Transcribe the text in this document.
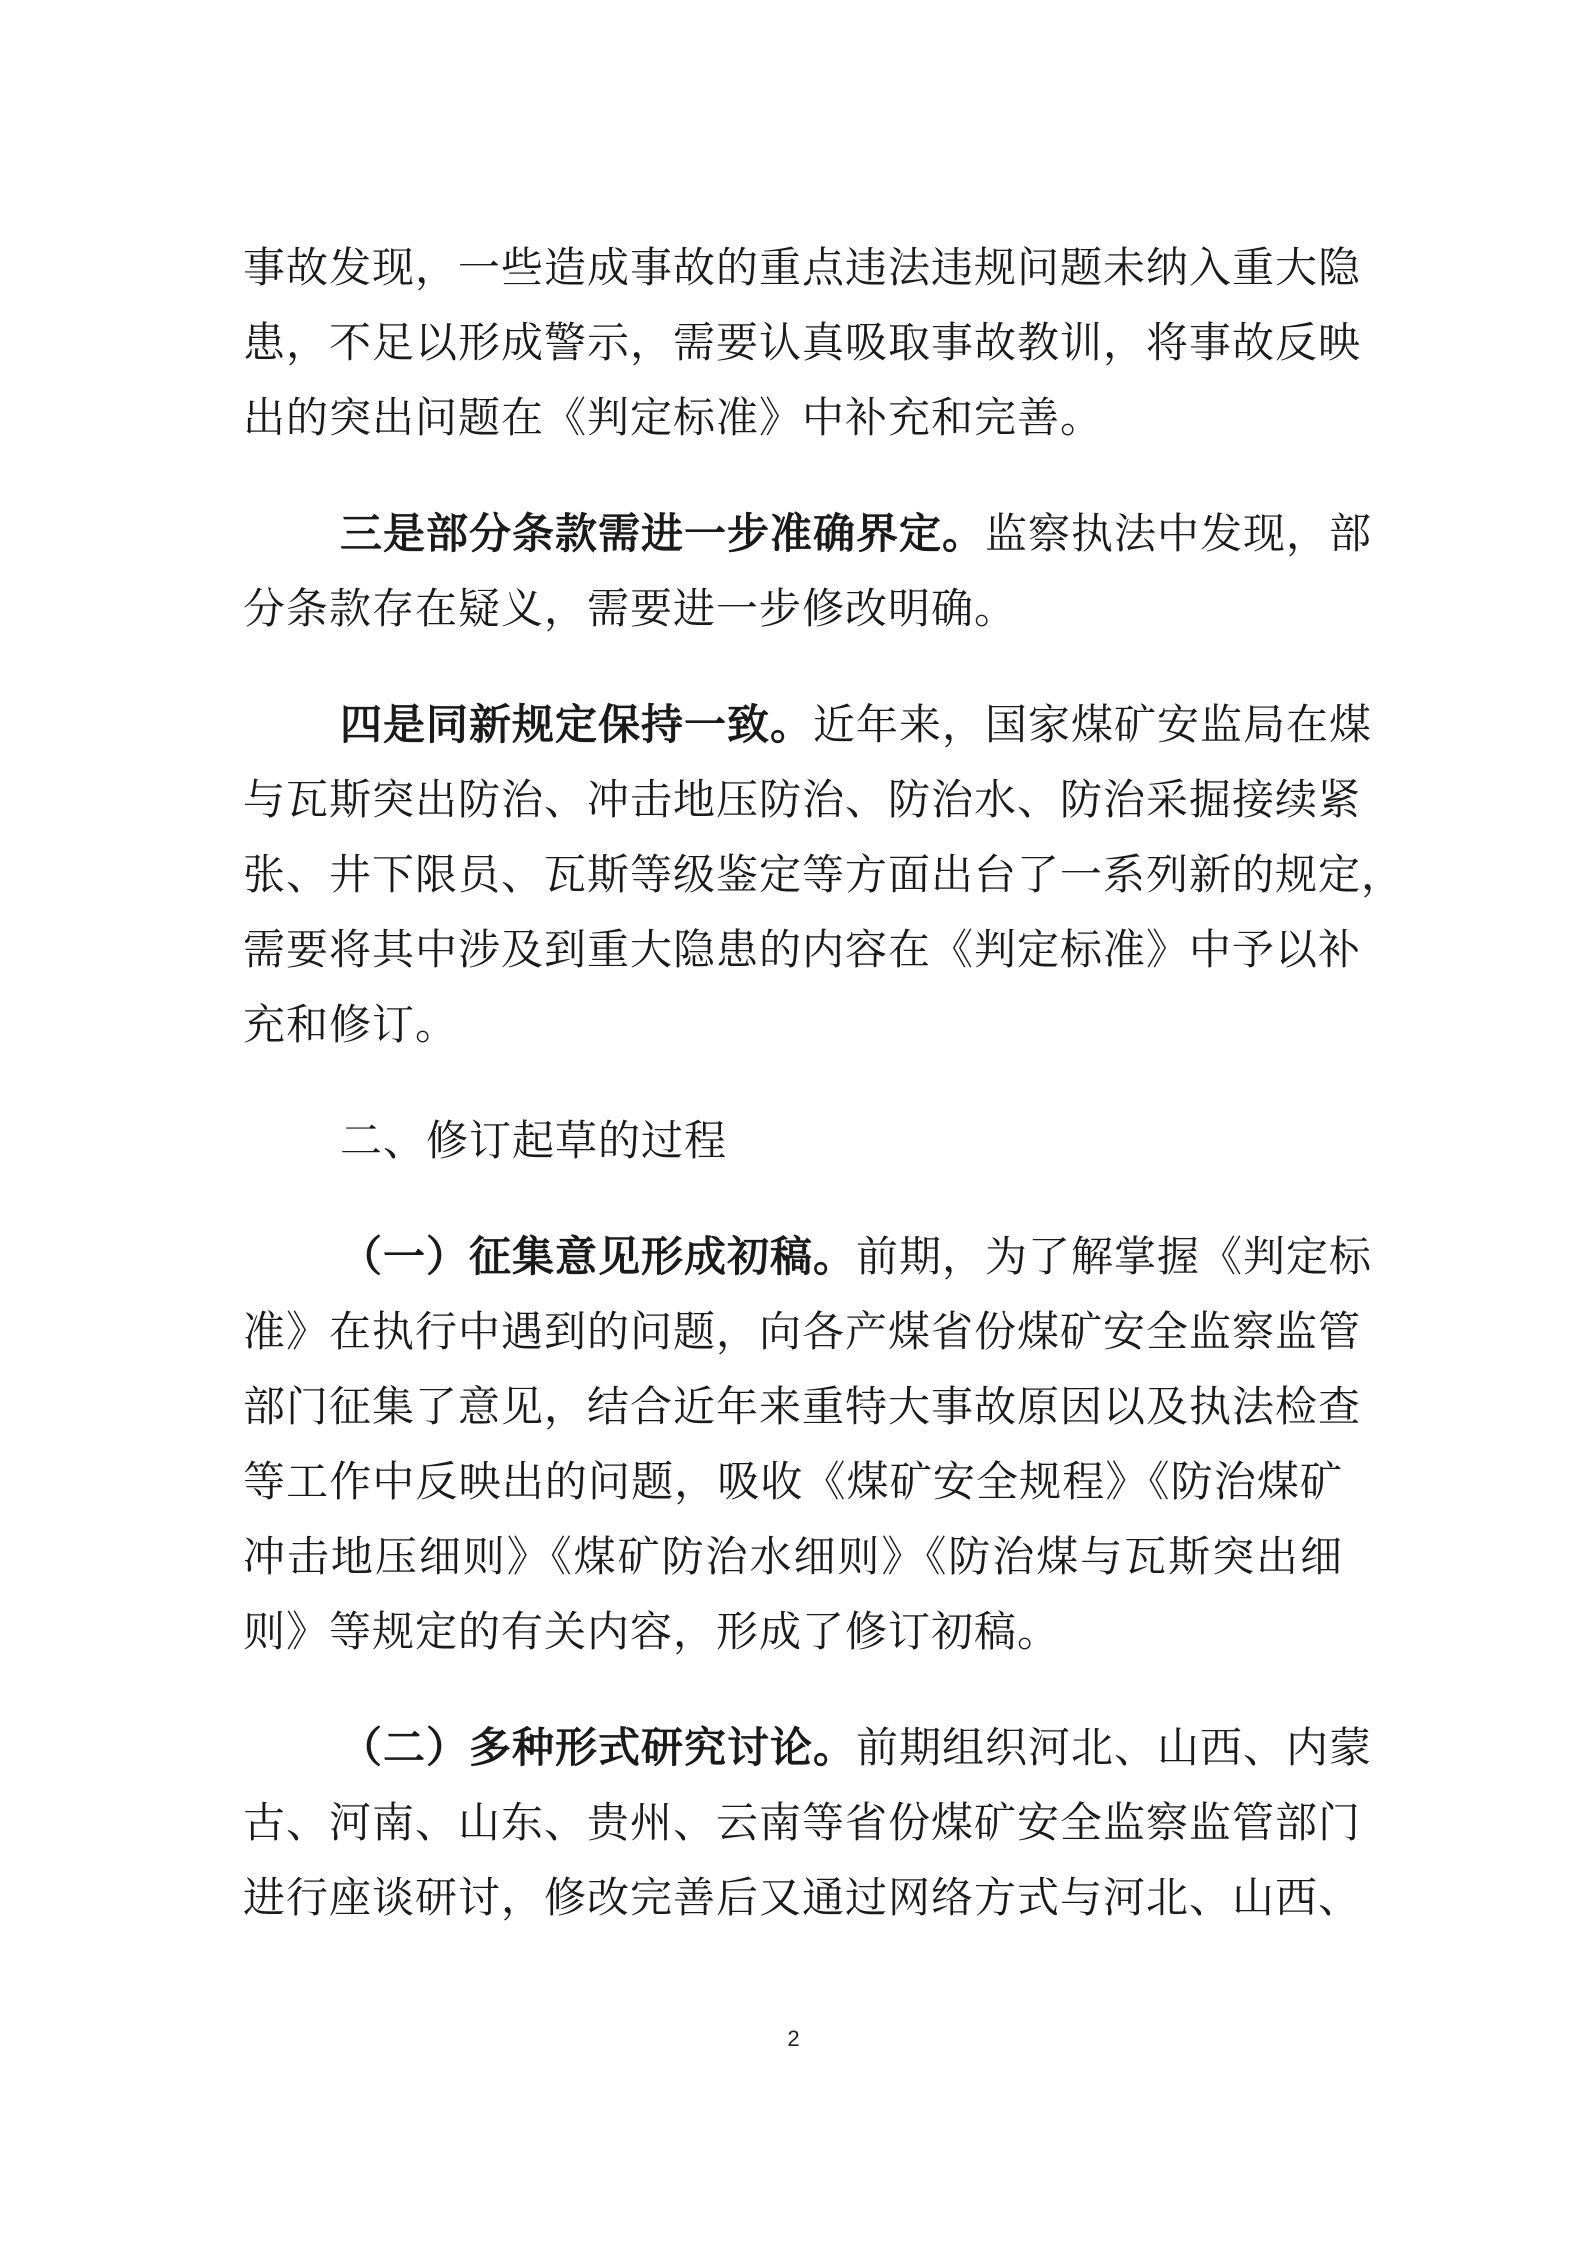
事故发现，一些造成事故的重点违法违规问题未纳入重大隐
患，不足以形成警示，需要认真吸取事故教训，将事故反映
出的突出问题在《判定标准》中补充和完善。
三是部分条款需进一步准确界定。监察执法中发现，部
分条款存在疑义，需要进一步修改明确。
四是同新规定保持一致。近年来，国家煤矿安监局在煤
与瓦斯突出防治、冲击地压防治、防治水、防治采掘接续紧
张、井下限员、瓦斯等级鉴定等方面出台了一系列新的规定，
需要将其中涉及到重大隐患的内容在《判定标准》中予以补
充和修订。
二、修订起草的过程
（一）征集意见形成初稿。前期，为了解掌握《判定标
准》在执行中遇到的问题，向各产煤省份煤矿安全监察监管
部门征集了意见，结合近年来重特大事故原因以及执法检查
等工作中反映出的问题，吸收《煤矿安全规程》《防治煤矿
冲击地压细则》《煤矿防治水细则》《防治煤与瓦斯突出细
则》等规定的有关内容，形成了修订初稿。
（二）多种形式研究讨论。前期组织河北、山西、内蒙
古、河南、山东、贵州、云南等省份煤矿安全监察监管部门
进行座谈研讨，修改完善后又通过网络方式与河北、山西、
2
